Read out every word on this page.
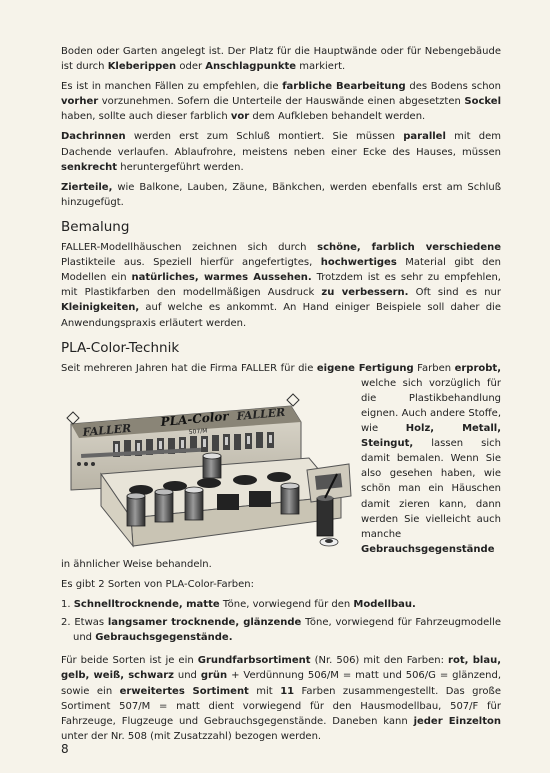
Boden oder Garten angelegt ist. Der Platz für die Hauptwände oder für Nebengebäude ist durch Kleberippen oder Anschlagpunkte markiert.

Es ist in manchen Fällen zu empfehlen, die farbliche Bearbeitung des Bodens schon vorher vorzunehmen. Sofern die Unterteile der Hauswände einen abgesetzten Sockel haben, sollte auch dieser farblich vor dem Aufkleben behandelt werden.

Dachrinnen werden erst zum Schluß montiert. Sie müssen parallel mit dem Dachende verlaufen. Ablaufrohre, meistens neben einer Ecke des Hauses, müssen senkrecht heruntergeführt werden.

Zierteile, wie Balkone, Lauben, Zäune, Bänkchen, werden ebenfalls erst am Schluß hinzugefügt.

Bemalung

FALLER-Modellhäuschen zeichnen sich durch schöne, farblich verschiedene Plastikteile aus. Speziell hierfür angefertigtes, hochwertiges Material gibt den Modellen ein natürliches, warmes Aussehen. Trotzdem ist es sehr zu empfehlen, mit Plastikfarben den modellmäßigen Ausdruck zu verbessern. Oft sind es nur Kleinigkeiten, auf welche es ankommt. An Hand einiger Beispiele soll daher die Anwendungspraxis erläutert werden.

PLA-Color-Technik

Seit mehreren Jahren hat die Firma FALLER für die eigene Fertigung Farben erprobt,
FALLER
PLA-Color
507/M
FALLER
welche sich vorzüglich für die Plastikbehandlung eignen. Auch andere Stoffe, wie Holz, Metall, Steingut, lassen sich damit bemalen. Wenn Sie also gesehen haben, wie schön man ein Häuschen damit zieren kann, dann werden Sie vielleicht auch manche Gebrauchsgegenstände in ähnlicher Weise behandeln.

Es gibt 2 Sorten von PLA-Color-Farben:

1. Schnelltrocknende, matte Töne, vorwiegend für den Modellbau.
2. Etwas langsamer trocknende, glänzende Töne, vorwiegend für Fahrzeugmodelle und Gebrauchsgegenstände.

Für beide Sorten ist je ein Grundfarbsortiment (Nr. 506) mit den Farben: rot, blau, gelb, weiß, schwarz und grün + Verdünnung 506/M = matt und 506/G = glänzend, sowie ein erweitertes Sortiment mit 11 Farben zusammengestellt. Das große Sortiment 507/M = matt dient vorwiegend für den Hausmodellbau, 507/F für Fahrzeuge, Flugzeuge und Gebrauchsgegenstände. Daneben kann jeder Einzelton unter der Nr. 508 (mit Zusatzzahl) bezogen werden.

8
